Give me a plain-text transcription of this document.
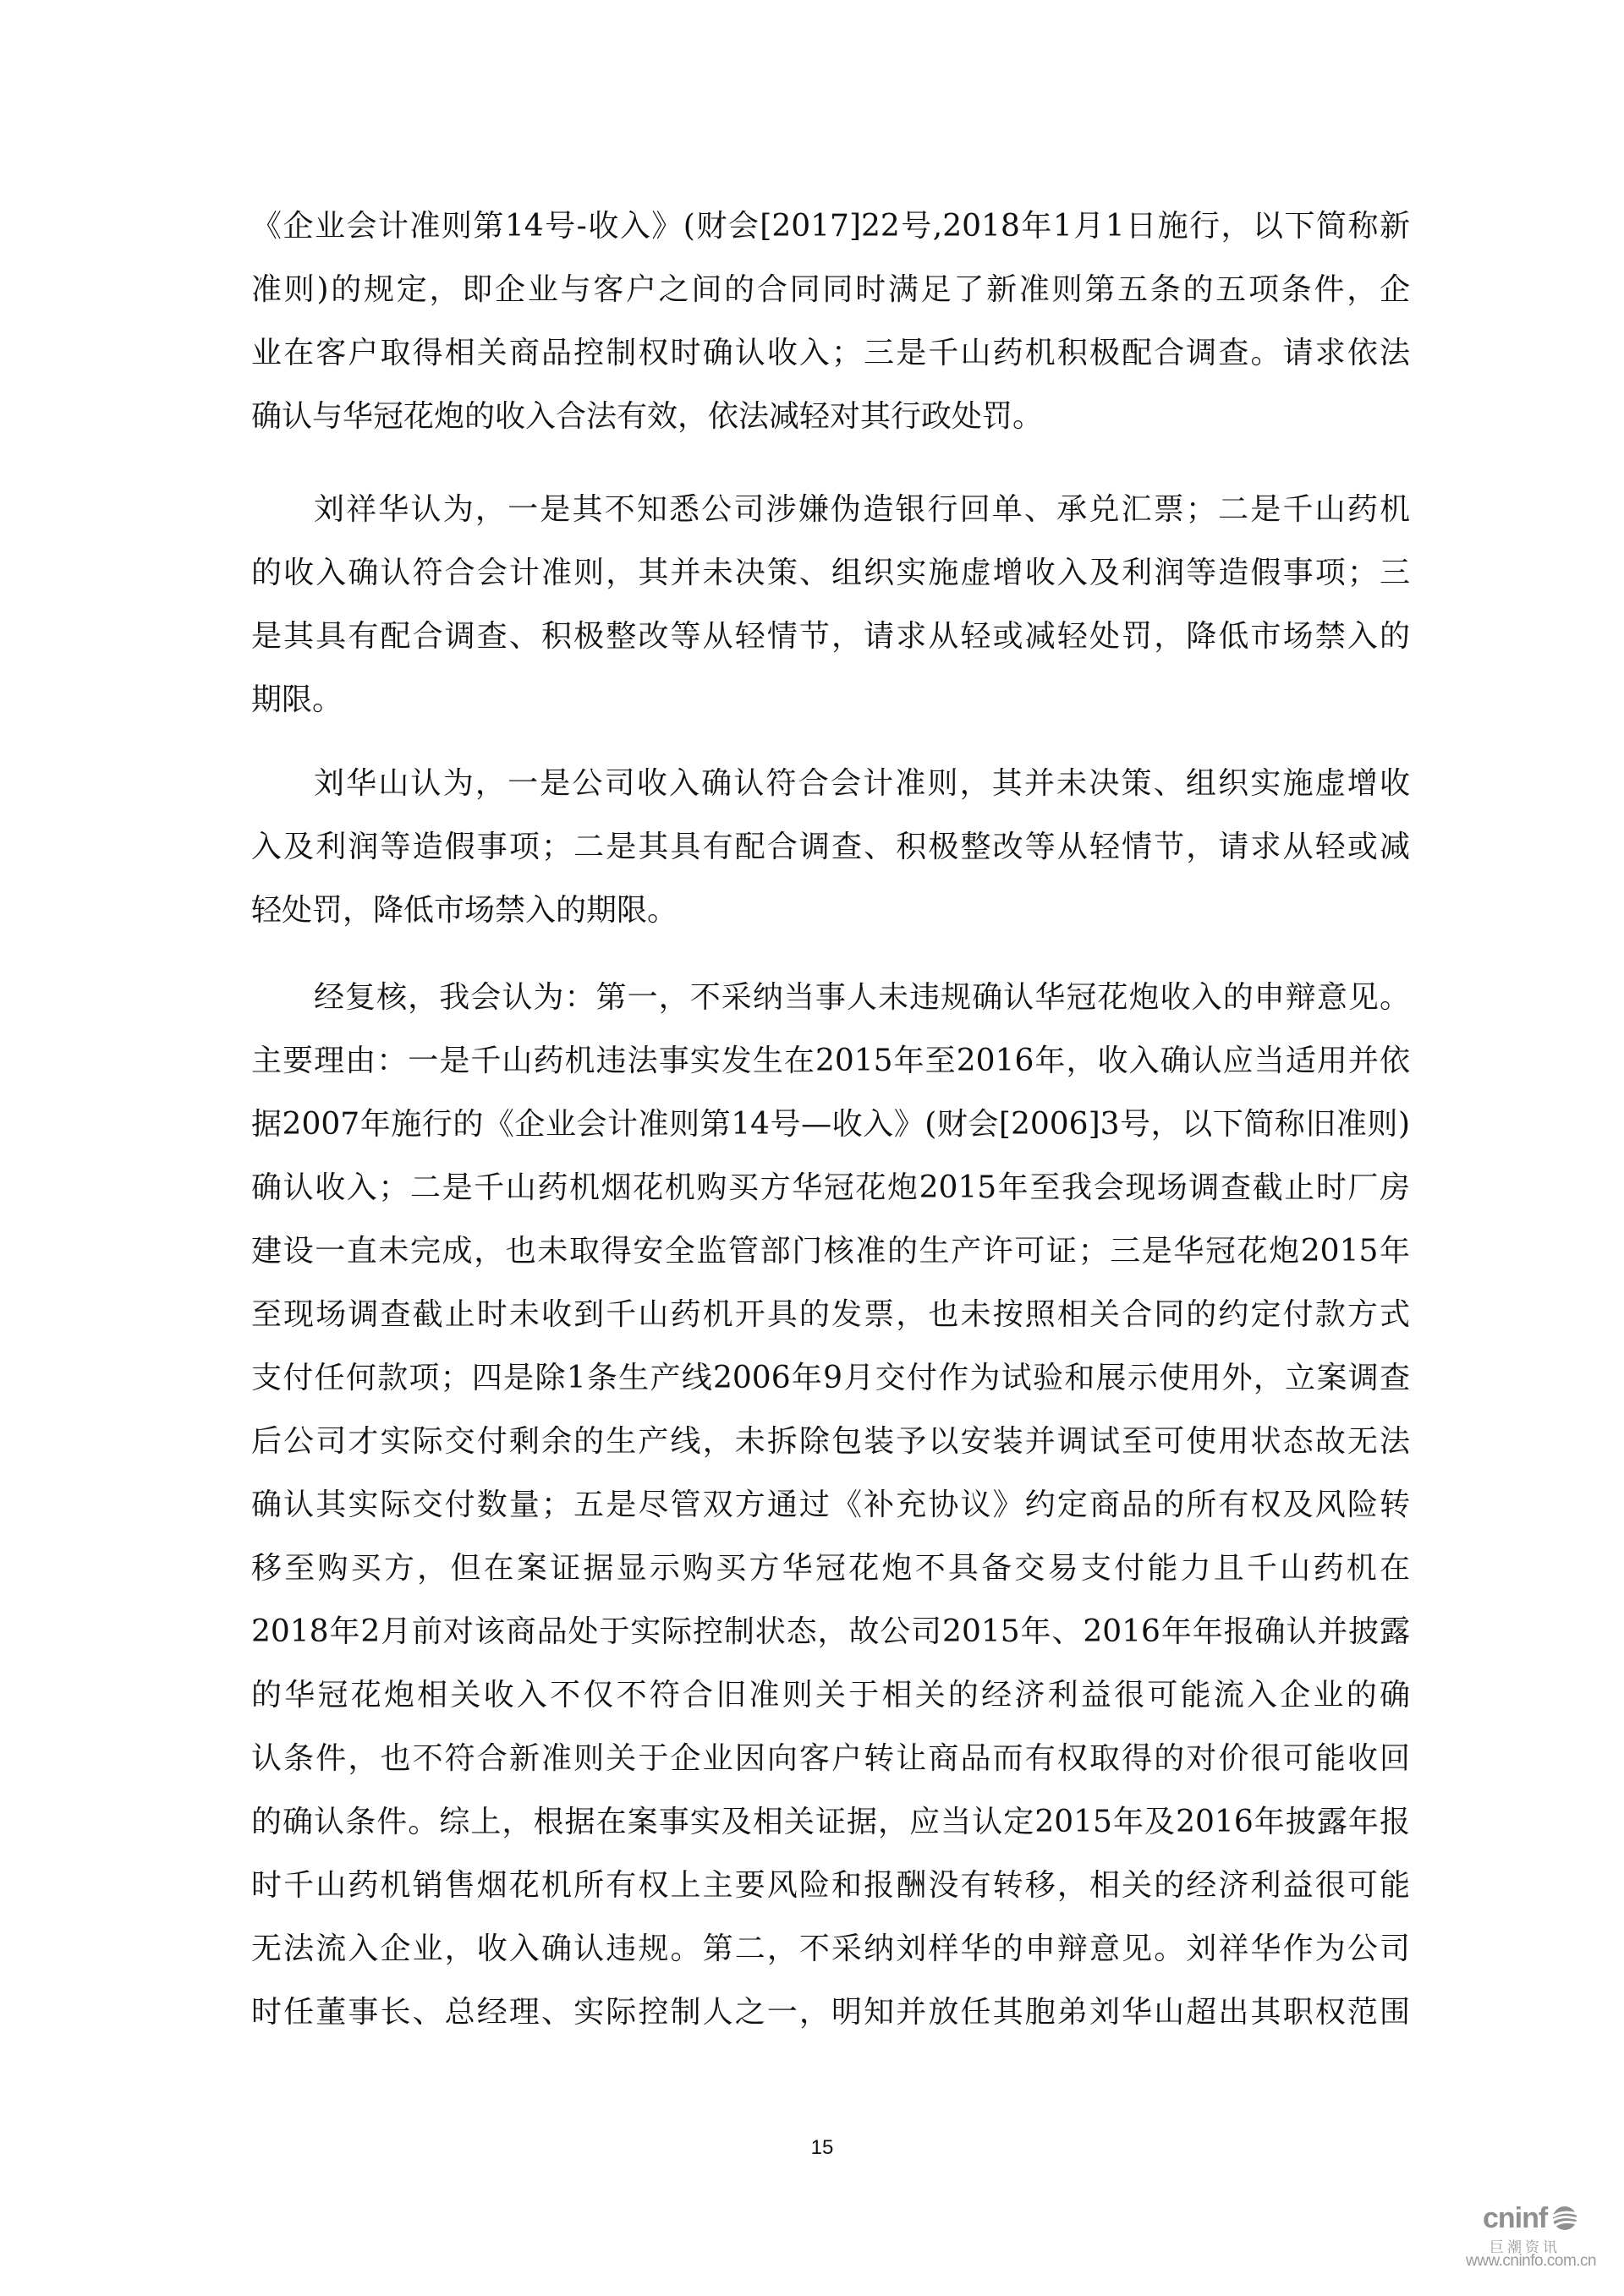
《企业会计准则第14号-收入》(财会[2017]22号,2018年1月1日施行，以下简称新
准则)的规定，即企业与客户之间的合同同时满足了新准则第五条的五项条件，企
业在客户取得相关商品控制权时确认收入；三是千山药机积极配合调查。请求依法
确认与华冠花炮的收入合法有效，依法减轻对其行政处罚。
刘祥华认为，一是其不知悉公司涉嫌伪造银行回单、承兑汇票；二是千山药机
的收入确认符合会计准则，其并未决策、组织实施虚增收入及利润等造假事项；三
是其具有配合调查、积极整改等从轻情节，请求从轻或减轻处罚，降低市场禁入的
期限。
刘华山认为，一是公司收入确认符合会计准则，其并未决策、组织实施虚增收
入及利润等造假事项；二是其具有配合调查、积极整改等从轻情节，请求从轻或减
轻处罚，降低市场禁入的期限。
经复核，我会认为：第一，不采纳当事人未违规确认华冠花炮收入的申辩意见。
主要理由：一是千山药机违法事实发生在2015年至2016年，收入确认应当适用并依
据2007年施行的《企业会计准则第14号—收入》(财会[2006]3号，以下简称旧准则)
确认收入；二是千山药机烟花机购买方华冠花炮2015年至我会现场调查截止时厂房
建设一直未完成，也未取得安全监管部门核准的生产许可证；三是华冠花炮2015年
至现场调查截止时未收到千山药机开具的发票，也未按照相关合同的约定付款方式
支付任何款项；四是除1条生产线2006年9月交付作为试验和展示使用外，立案调查
后公司才实际交付剩余的生产线，未拆除包装予以安装并调试至可使用状态故无法
确认其实际交付数量；五是尽管双方通过《补充协议》约定商品的所有权及风险转
移至购买方，但在案证据显示购买方华冠花炮不具备交易支付能力且千山药机在
2018年2月前对该商品处于实际控制状态，故公司2015年、2016年年报确认并披露
的华冠花炮相关收入不仅不符合旧准则关于相关的经济利益很可能流入企业的确
认条件，也不符合新准则关于企业因向客户转让商品而有权取得的对价很可能收回
的确认条件。综上，根据在案事实及相关证据，应当认定2015年及2016年披露年报
时千山药机销售烟花机所有权上主要风险和报酬没有转移，相关的经济利益很可能
无法流入企业，收入确认违规。第二，不采纳刘样华的申辩意见。刘祥华作为公司
时任董事长、总经理、实际控制人之一，明知并放任其胞弟刘华山超出其职权范围
15
cninf
巨潮资讯
www.cninfo.com.cn
